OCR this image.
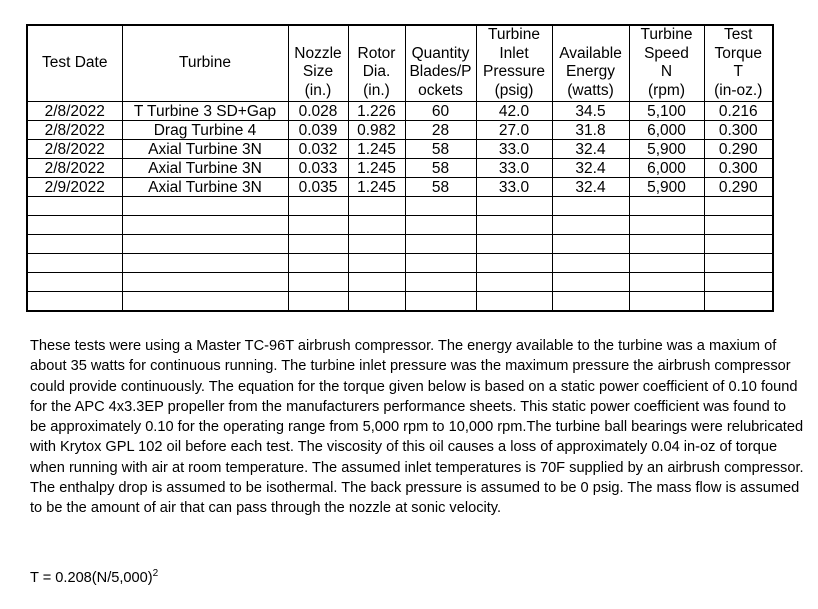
Test Date	Turbine	Nozzle
Size
(in.)	Rotor
Dia.
(in.)	Quantity
Blades/P
ockets	Turbine
Inlet
Pressure
(psig)	Available
Energy
(watts)	Turbine
Speed
N
(rpm)	Test
Torque
T
(in-oz.)

2/8/2022	T Turbine 3 SD+Gap	0.028	1.226	60	42.0	34.5	5,100	0.216
2/8/2022	Drag Turbine 4	0.039	0.982	28	27.0	31.8	6,000	0.300
2/8/2022	Axial Turbine 3N	0.032	1.245	58	33.0	32.4	5,900	0.290
2/8/2022	Axial Turbine 3N	0.033	1.245	58	33.0	32.4	6,000	0.300
2/9/2022	Axial Turbine 3N	0.035	1.245	58	33.0	32.4	5,900	0.290

These tests were using a Master TC-96T airbrush compressor. The energy available to the turbine was a maxium of about 35 watts for continuous running. The turbine inlet pressure was the maximum pressure the airbrush compressor could provide continuously. The equation for the torque given below is based on a static power coefficient of 0.10 found for the APC 4x3.3EP propeller from the manufacturers performance sheets. This static power coefficient was found to be approximately 0.10 for the operating range from 5,000 rpm to 10,000 rpm.The turbine ball bearings were relubricated with Krytox GPL 102 oil before each test. The viscosity of this oil causes a loss of approximately 0.04 in-oz of torque when running with air at room temperature. The assumed inlet temperatures is 70F supplied by an airbrush compressor. The enthalpy drop is assumed to be isothermal. The back pressure is assumed to be 0 psig. The mass flow is assumed to be the amount of air that can pass through the nozzle at sonic velocity.
$T = 0.208(N/5,000)^2$
